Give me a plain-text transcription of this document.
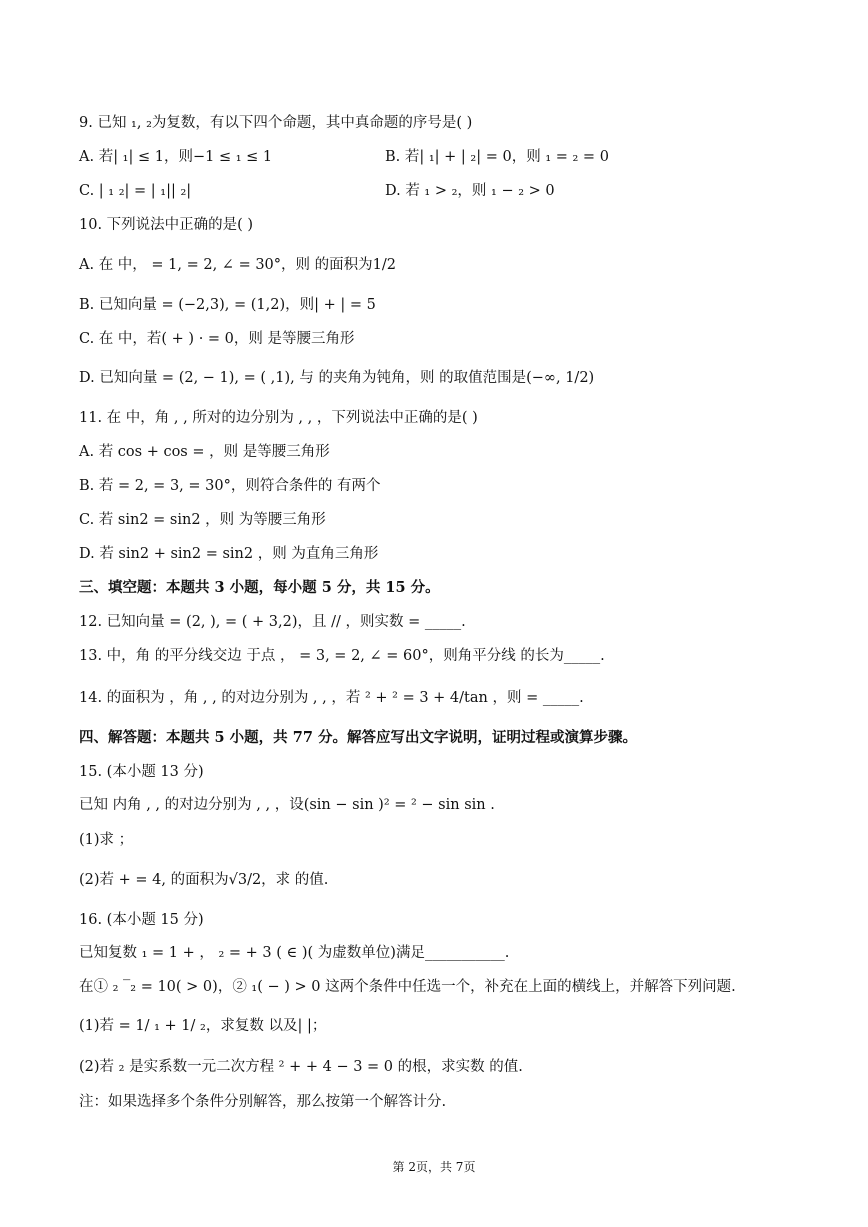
9. 已知 ₁, ₂为复数，有以下四个命题，其中真命题的序号是( )
A. 若| ₁| ≤ 1，则−1 ≤ ₁ ≤ 1	B. 若| ₁| + | ₂| = 0，则 ₁ = ₂ = 0
C. | ₁ ₂| = | ₁|| ₂|	D. 若 ₁ > ₂，则 ₁ − ₂ > 0
10. 下列说法中正确的是( )
A. 在 中， = 1, = 2, ∠ = 30°，则 的面积为1/2
B. 已知向量 = (−2,3), = (1,2)，则| + | = 5
C. 在 中，若( + ) · = 0，则 是等腰三角形
D. 已知向量 = (2, − 1), = ( ,1), 与 的夹角为钝角，则 的取值范围是(−∞, 1/2)
11. 在 中，角 , , 所对的边分别为 , , ，下列说法中正确的是( )
A. 若 cos + cos = ，则 是等腰三角形
B. 若 = 2, = 3, = 30°，则符合条件的 有两个
C. 若 sin2 = sin2 ，则 为等腰三角形
D. 若 sin2 + sin2 = sin2 ，则 为直角三角形
三、填空题：本题共 3 小题，每小题 5 分，共 15 分。
12. 已知向量 = (2, ), = ( + 3,2)，且 // ，则实数 = _____.
13. 中，角 的平分线交边 于点 ， = 3, = 2, ∠ = 60°，则角平分线 的长为_____.
14. 的面积为 ，角 , , 的对边分别为 , , ，若 ² + ² = 3 + 4/tan ，则 = _____.
四、解答题：本题共 5 小题，共 77 分。解答应写出文字说明，证明过程或演算步骤。
15. (本小题 13 分)
已知 内角 , , 的对边分别为 , , ，设(sin − sin )² = ² − sin sin .
(1)求 ；
(2)若 + = 4, 的面积为√3/2，求 的值.
16. (本小题 15 分)
已知复数 ₁ = 1 + ， ₂ = + 3 ( ∈ )( 为虚数单位)满足___________.
在① ₂ ‾₂ = 10( > 0)，② ₁( − ) > 0 这两个条件中任选一个，补充在上面的横线上，并解答下列问题.
(1)若 = 1/ ₁ + 1/ ₂，求复数 以及| |；
(2)若 ₂ 是实系数一元二次方程 ² + + 4 − 3 = 0 的根，求实数 的值.
注：如果选择多个条件分别解答，那么按第一个解答计分.
第 2页，共 7页
